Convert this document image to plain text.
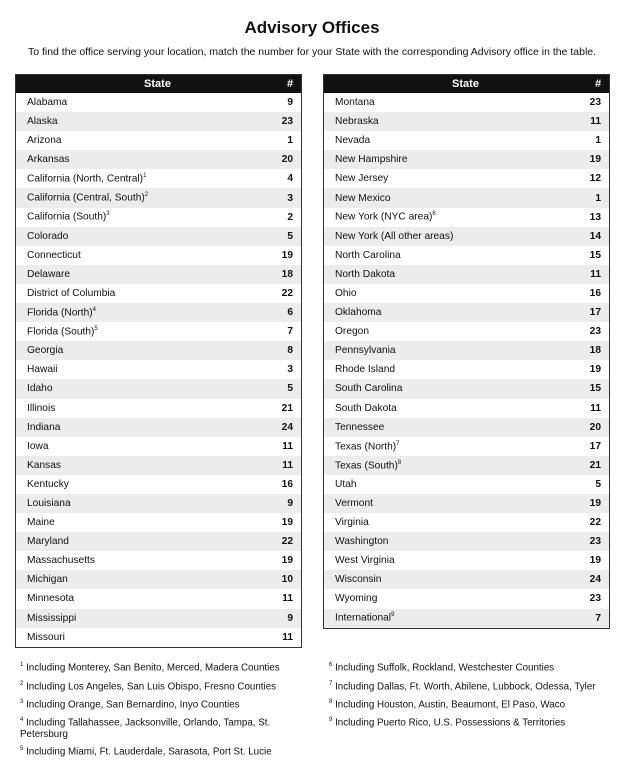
Advisory Offices
To find the office serving your location, match the number for your State with the corresponding Advisory office in the table.
State	#
Alabama	9
Alaska	23
Arizona	1
Arkansas	20
California (North, Central)$^1$	4
California (Central, South)$^2$	3
California (South)$^3$	2
Colorado	5
Connecticut	19
Delaware	18
District of Columbia	22
Florida (North)$^4$	6
Florida (South)$^5$	7
Georgia	8
Hawaii	3
Idaho	5
Illinois	21
Indiana	24
Iowa	11
Kansas	11
Kentucky	16
Louisiana	9
Maine	19
Maryland	22
Massachusetts	19
Michigan	10
Minnesota	11
Mississippi	9
Missouri	11
State	#
Montana	23
Nebraska	11
Nevada	1
New Hampshire	19
New Jersey	12
New Mexico	1
New York (NYC area)$^6$	13
New York (All other areas)	14
North Carolina	15
North Dakota	11
Ohio	16
Oklahoma	17
Oregon	23
Pennsylvania	18
Rhode Island	19
South Carolina	15
South Dakota	11
Tennessee	20
Texas (North)$^7$	17
Texas (South)$^8$	21
Utah	5
Vermont	19
Virginia	22
Washington	23
West Virginia	19
Wisconsin	24
Wyoming	23
International$^9$	7
$^1$ Including Monterey, San Benito, Merced, Madera Counties
$^2$ Including Los Angeles, San Luis Obispo, Fresno Counties
$^3$ Including Orange, San Bernardino, Inyo Counties
$^4$ Including Tallahassee, Jacksonville, Orlando, Tampa, St. Petersburg
$^5$ Including Miami, Ft. Lauderdale, Sarasota, Port St. Lucie
$^6$ Including Suffolk, Rockland, Westchester Counties
$^7$ Including Dallas, Ft. Worth, Abilene, Lubbock, Odessa, Tyler
$^8$ Including Houston, Austin, Beaumont, El Paso, Waco
$^9$ Including Puerto Rico, U.S. Possessions & Territories
